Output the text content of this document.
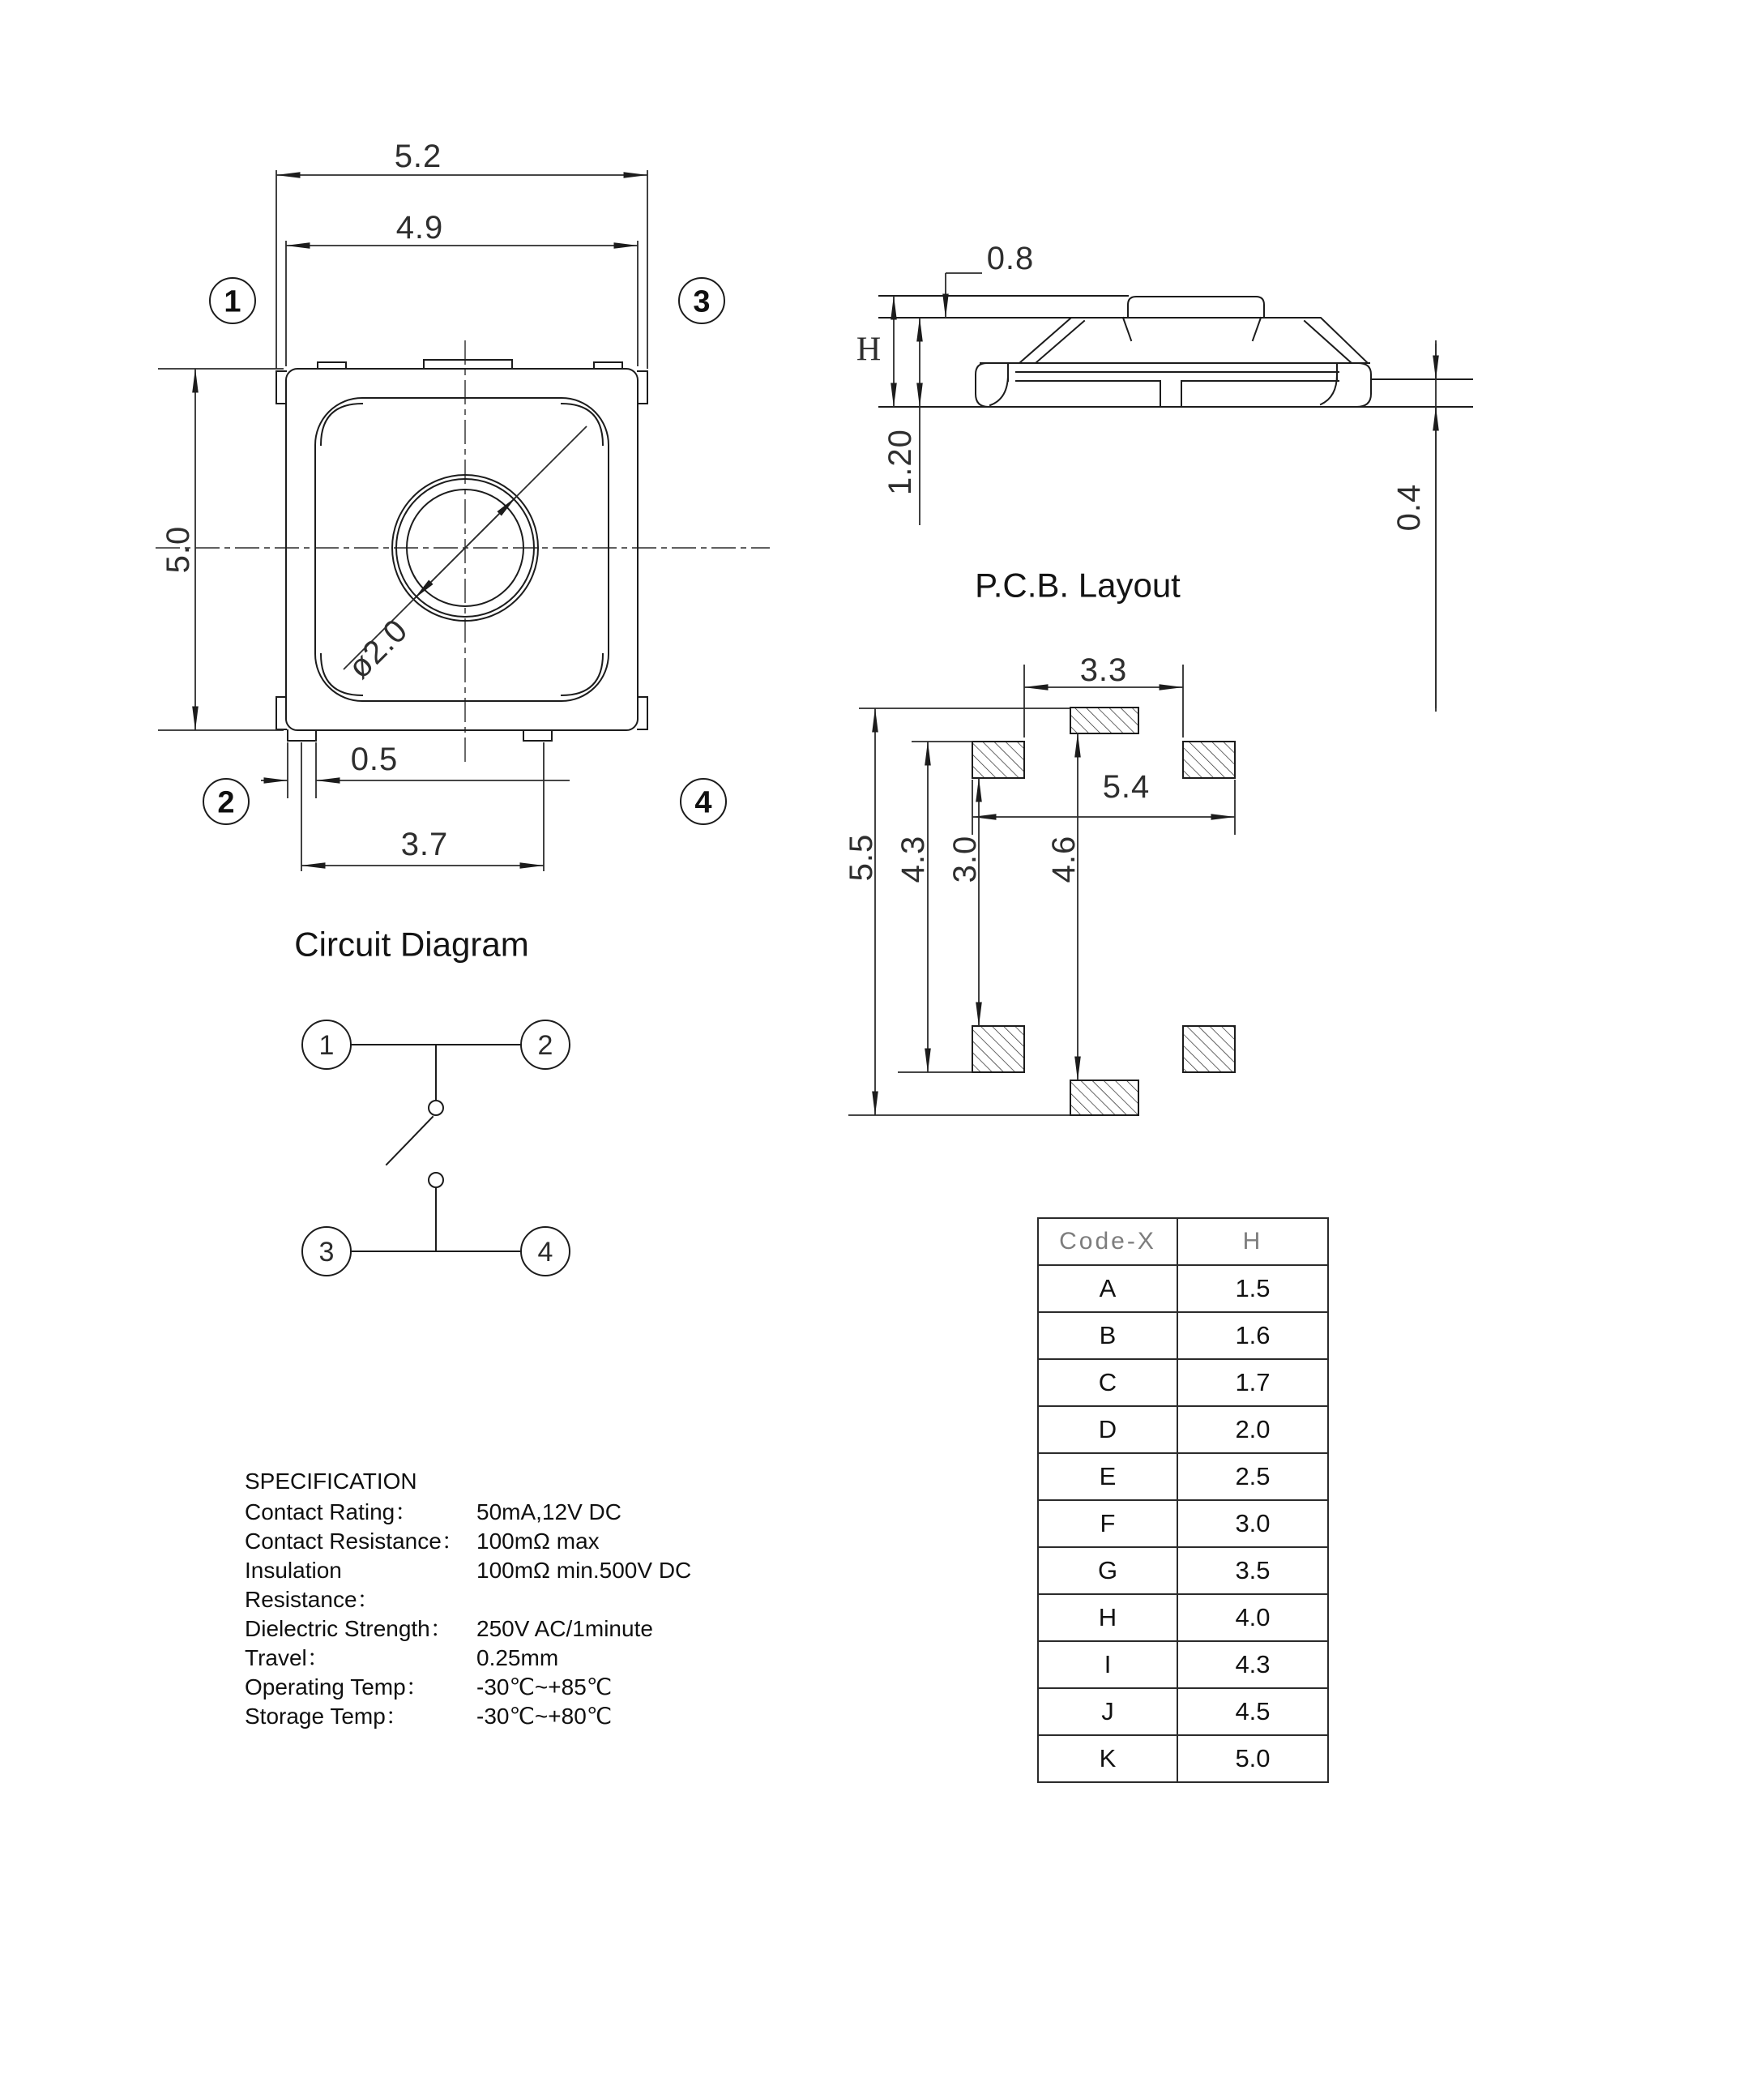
1	3
2	4
5.2
4.9
5.0
0.5
3.7
ø2.0
0.8
H
1.20
0.4
P.C.B. Layout
3.3
5.4
5.5 4.3 3.0 4.6
Circuit Diagram
1	2
3	4
SPECIFICATION
Contact Rating：	50mA,12V DC
Contact Resistance： 100mΩ max
Insulation Resistance：
100mΩ min.500V DC
Dielectric Strength：	250V AC/1minute
Travel：	0.25mm
Operating Temp：	-30℃~+85℃
Storage Temp：	-30℃~+80℃
Code-X	H
A	1.5
B	1.6
C	1.7
D	2.0
E	2.5
F	3.0
G	3.5
H	4.0
I	4.3
J	4.5
K	5.0
